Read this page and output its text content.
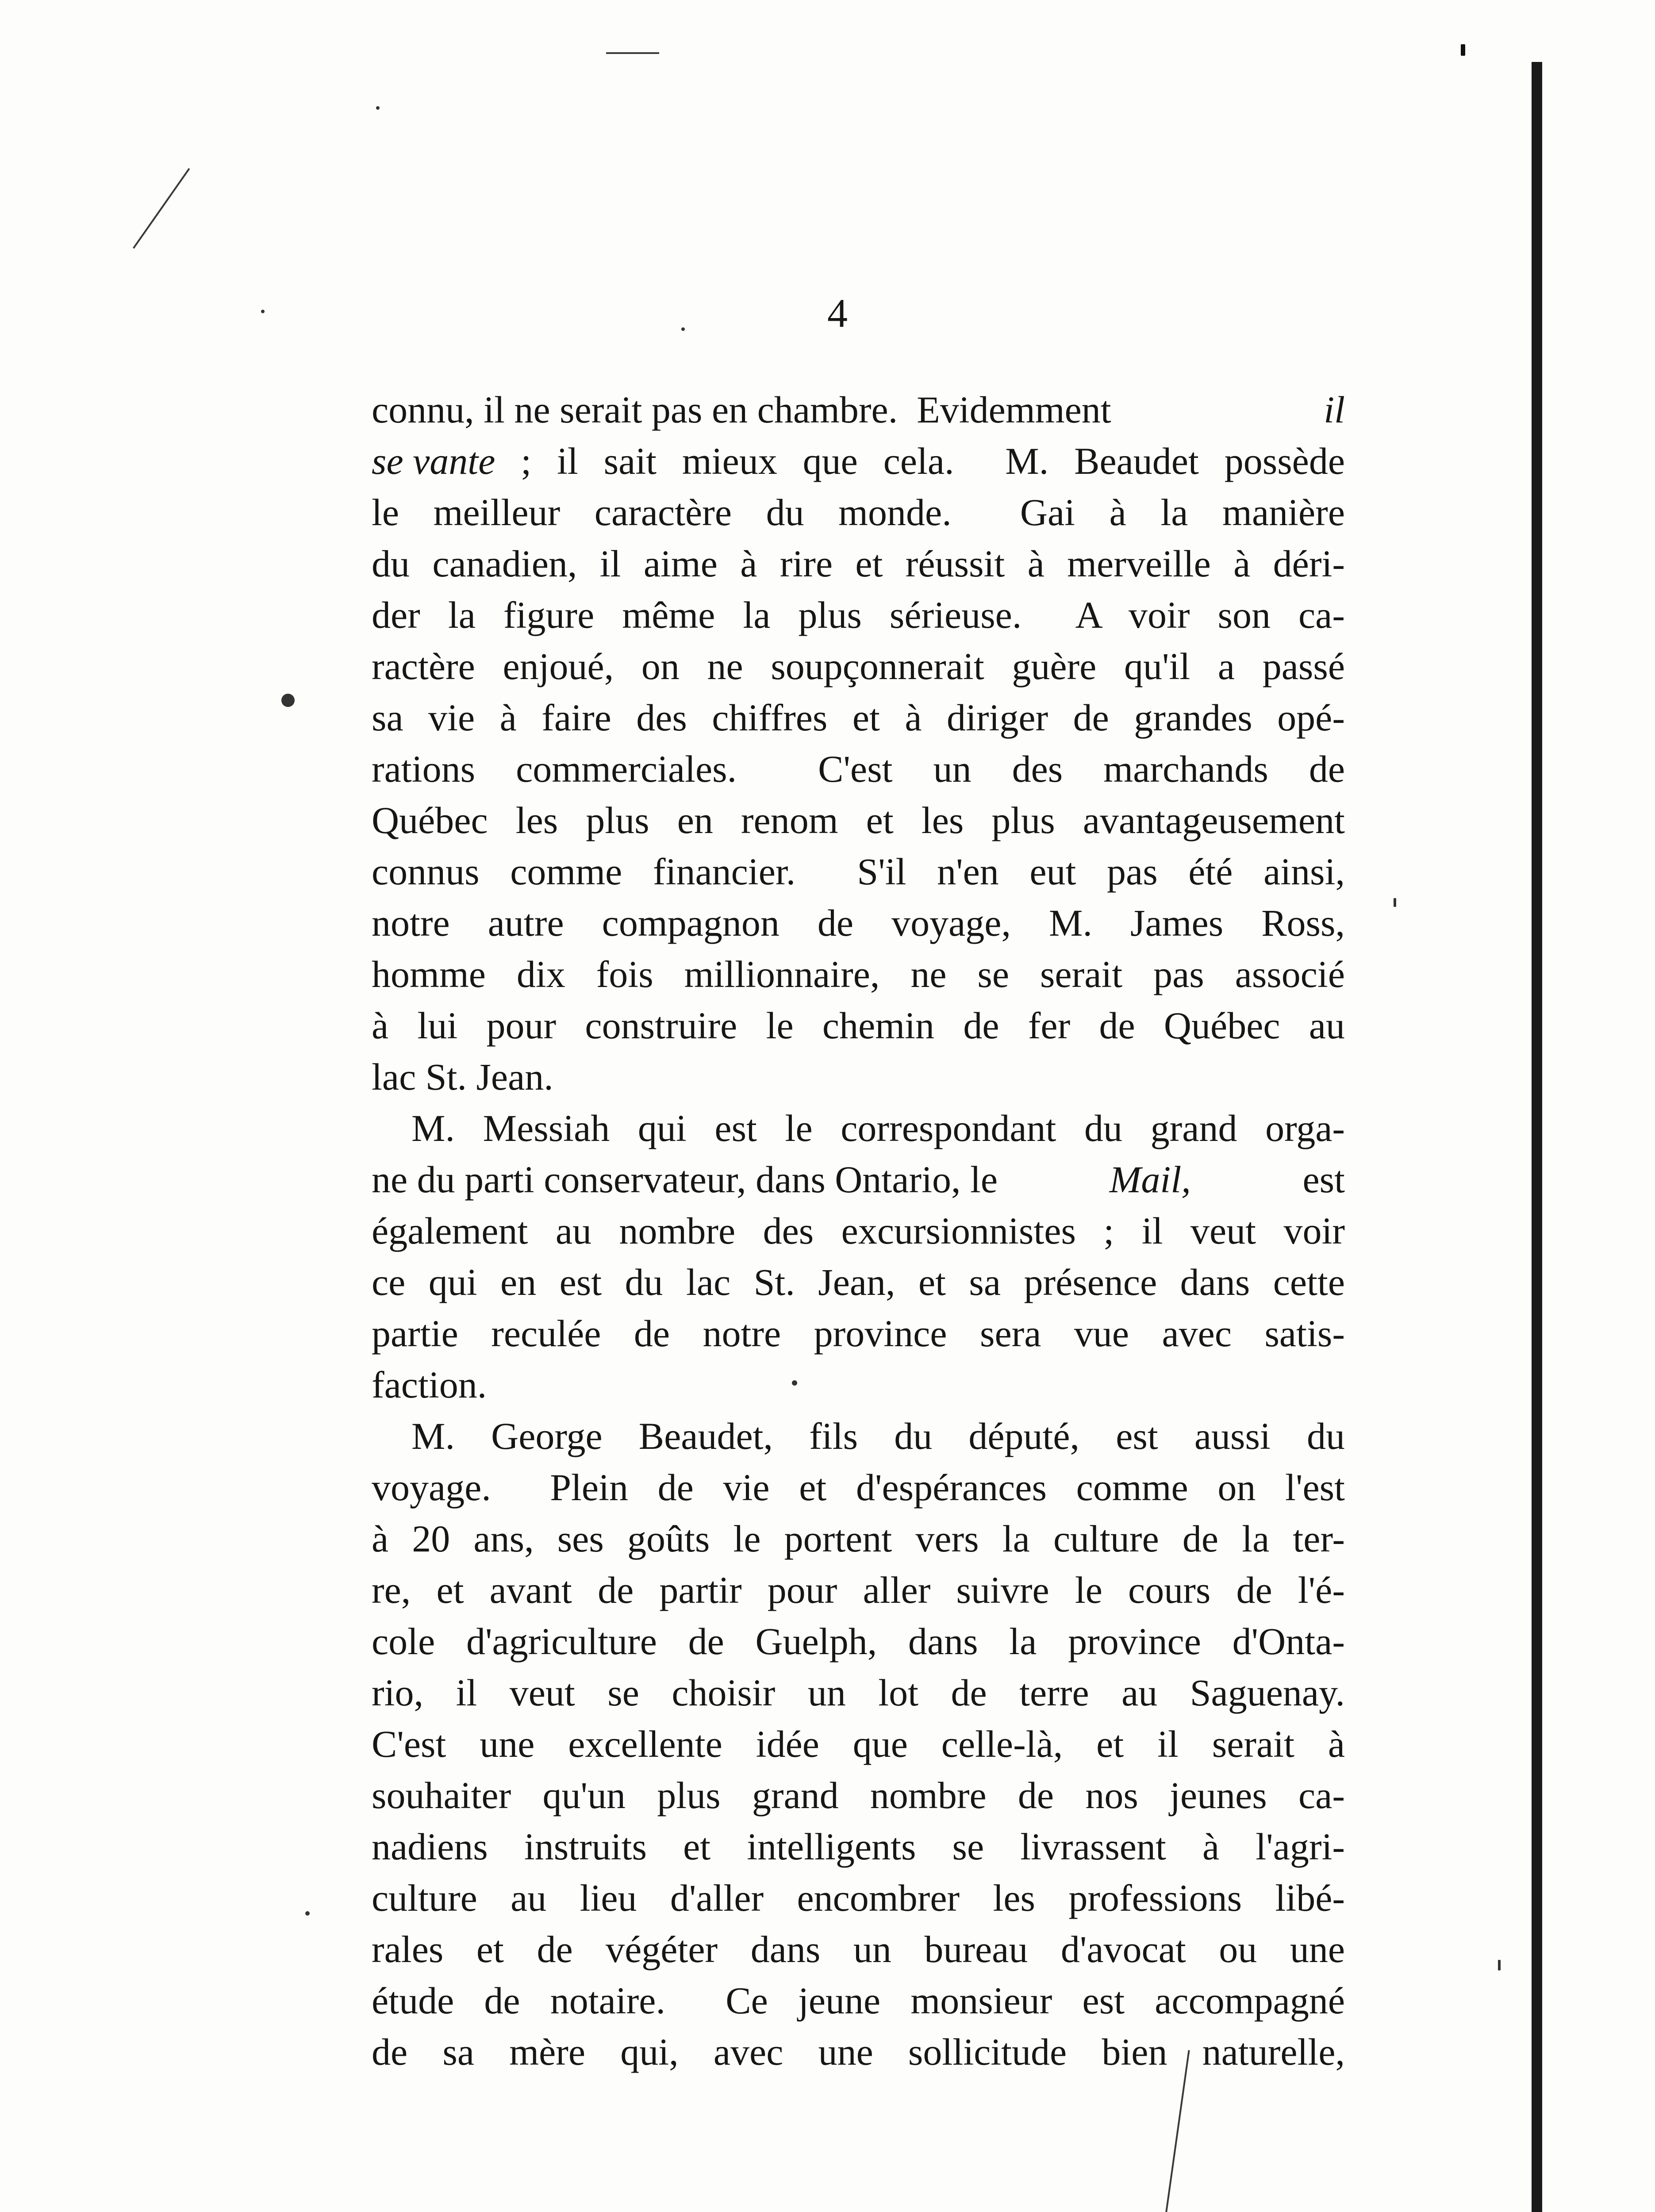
4
connu, il ne serait pas en chambre.  Evidemment	il
se vante ; il sait mieux que cela.  M. Beaudet possède
le meilleur caractère du monde.  Gai à la manière
du canadien, il aime à rire et réussit à merveille à déri-
der la figure même la plus sérieuse.  A voir son ca-
ractère enjoué, on ne soupçonnerait guère qu'il a passé
sa vie à faire des chiffres et à diriger de grandes opé-
rations commerciales.  C'est un des marchands de
Québec les plus en renom et les plus avantageusement
connus comme financier.  S'il n'en eut pas été ainsi,
notre autre compagnon de voyage, M. James Ross,
homme dix fois millionnaire, ne se serait pas associé
à lui pour construire le chemin de fer de Québec au
lac St. Jean.
M. Messiah qui est le correspondant du grand orga-
ne du parti conservateur, dans Ontario, le	Mail,	est
également au nombre des excursionnistes ; il veut voir
ce qui en est du lac St. Jean, et sa présence dans cette
partie reculée de notre province sera vue avec satis-
faction.
M. George Beaudet, fils du député, est aussi du
voyage.  Plein de vie et d'espérances comme on l'est
à 20 ans, ses goûts le portent vers la culture de la ter-
re, et avant de partir pour aller suivre le cours de l'é-
cole d'agriculture de Guelph, dans la province d'Onta-
rio, il veut se choisir un lot de terre au Saguenay.
C'est une excellente idée que celle-là, et il serait à
souhaiter qu'un plus grand nombre de nos jeunes ca-
nadiens instruits et intelligents se livrassent à l'agri-
culture au lieu d'aller encombrer les professions libé-
rales et de végéter dans un bureau d'avocat ou une
étude de notaire.  Ce jeune monsieur est accompagné
de sa mère qui, avec une sollicitude bien naturelle,
